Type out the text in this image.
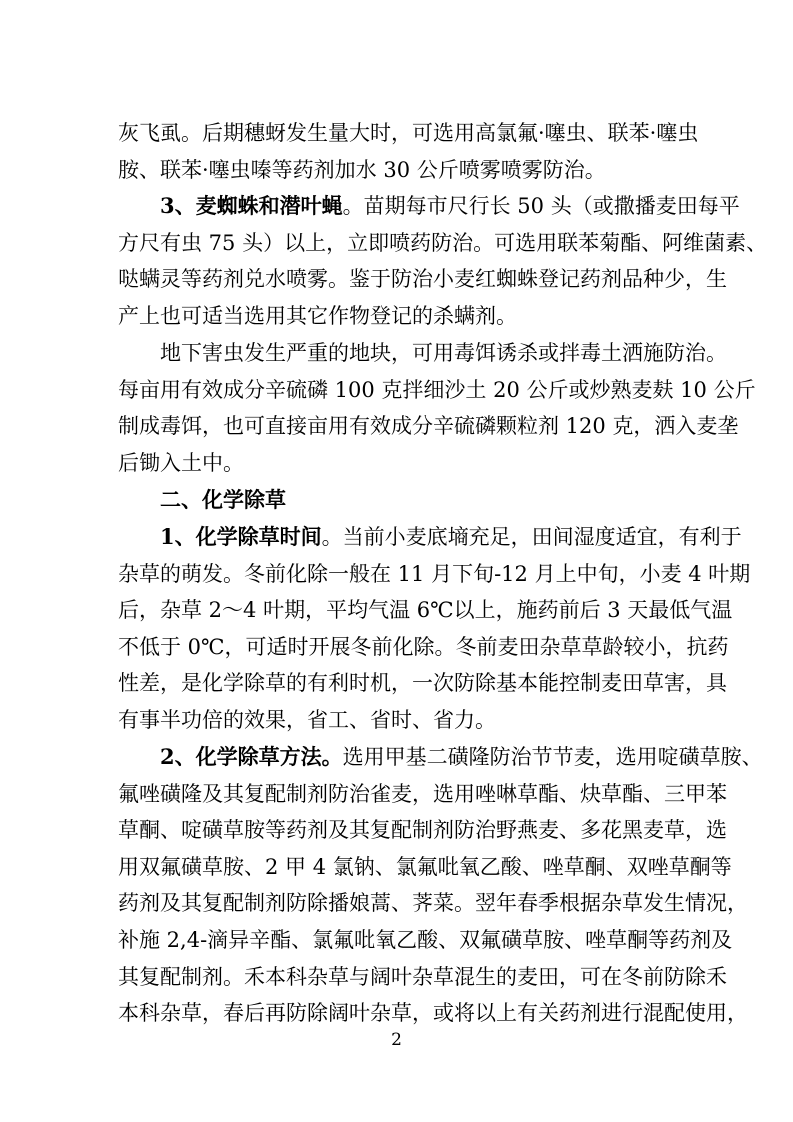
灰飞虱。后期穗蚜发生量大时，可选用高氯氟·噻虫、联苯·噻虫
胺、联苯·噻虫嗪等药剂加水 30 公斤喷雾喷雾防治。
3、麦蜘蛛和潜叶蝇。苗期每市尺行长 50 头（或撒播麦田每平
方尺有虫 75 头）以上，立即喷药防治。可选用联苯菊酯、阿维菌素、
哒螨灵等药剂兑水喷雾。鉴于防治小麦红蜘蛛登记药剂品种少，生
产上也可适当选用其它作物登记的杀螨剂。
地下害虫发生严重的地块，可用毒饵诱杀或拌毒土洒施防治。
每亩用有效成分辛硫磷 100 克拌细沙土 20 公斤或炒熟麦麸 10 公斤
制成毒饵，也可直接亩用有效成分辛硫磷颗粒剂 120 克，洒入麦垄
后锄入土中。
二、化学除草
1、化学除草时间。当前小麦底墒充足，田间湿度适宜，有利于
杂草的萌发。冬前化除一般在 11 月下旬-12 月上中旬，小麦 4 叶期
后，杂草 2～4 叶期，平均气温 6℃以上，施药前后 3 天最低气温
不低于 0℃，可适时开展冬前化除。冬前麦田杂草草龄较小，抗药
性差，是化学除草的有利时机，一次防除基本能控制麦田草害，具
有事半功倍的效果，省工、省时、省力。
2、化学除草方法。选用甲基二磺隆防治节节麦，选用啶磺草胺、
氟唑磺隆及其复配制剂防治雀麦，选用唑啉草酯、炔草酯、三甲苯
草酮、啶磺草胺等药剂及其复配制剂防治野燕麦、多花黑麦草，选
用双氟磺草胺、2 甲 4 氯钠、氯氟吡氧乙酸、唑草酮、双唑草酮等
药剂及其复配制剂防除播娘蒿、荠菜。翌年春季根据杂草发生情况，
补施 2,4-滴异辛酯、氯氟吡氧乙酸、双氟磺草胺、唑草酮等药剂及
其复配制剂。禾本科杂草与阔叶杂草混生的麦田，可在冬前防除禾
本科杂草，春后再防除阔叶杂草，或将以上有关药剂进行混配使用，
2
